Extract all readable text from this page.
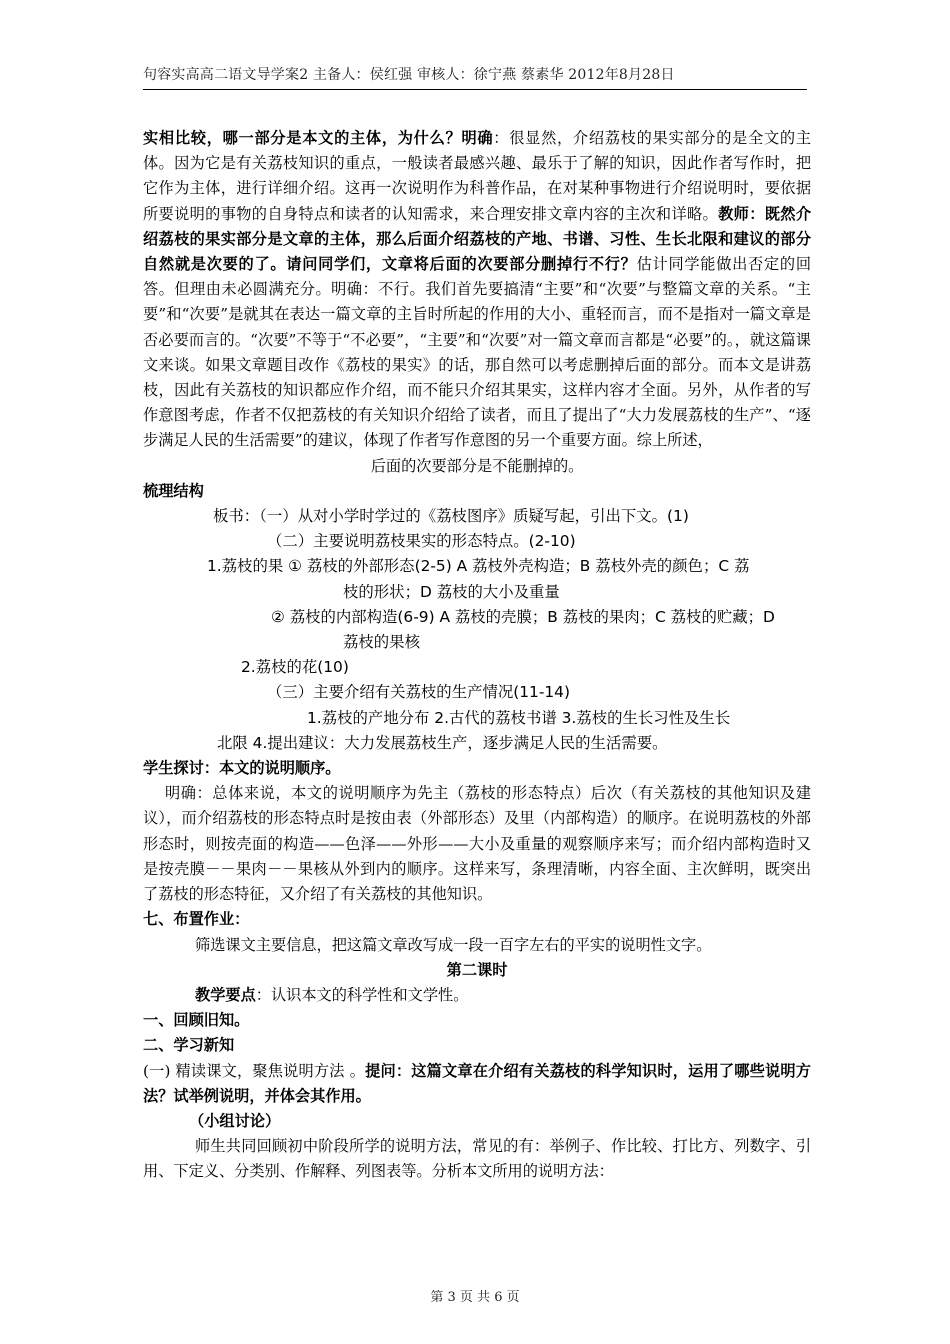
句容实高高二语文导学案2 主备人：侯红强 审核人：徐宁燕 蔡素华 2012年8月28日

实相比较，哪一部分是本文的主体，为什么？明确：很显然，介绍荔枝的果实部分的是全文的主体。因为它是有关荔枝知识的重点，一般读者最感兴趣、最乐于了解的知识，因此作者写作时，把它作为主体，进行详细介绍。这再一次说明作为科普作品，在对某种事物进行介绍说明时，要依据所要说明的事物的自身特点和读者的认知需求，来合理安排文章内容的主次和详略。教师：既然介绍荔枝的果实部分是文章的主体，那么后面介绍荔枝的产地、书谱、习性、生长北限和建议的部分自然就是次要的了。请问同学们，文章将后面的次要部分删掉行不行？估计同学能做出否定的回答。但理由未必圆满充分。明确：不行。我们首先要搞清“主要”和“次要”与整篇文章的关系。“主要”和“次要”是就其在表达一篇文章的主旨时所起的作用的大小、重轻而言，而不是指对一篇文章是否必要而言的。“次要”不等于“不必要”，“主要”和“次要”对一篇文章而言都是“必要”的。，就这篇课文来谈。如果文章题目改作《荔枝的果实》的话，那自然可以考虑删掉后面的部分。而本文是讲荔枝，因此有关荔枝的知识都应作介绍，而不能只介绍其果实，这样内容才全面。另外，从作者的写作意图考虑，作者不仅把荔枝的有关知识介绍给了读者，而且了提出了“大力发展荔枝的生产”、“逐步满足人民的生活需要”的建议，体现了作者写作意图的另一个重要方面。综上所述，

后面的次要部分是不能删掉的。

梳理结构

板书：（一）从对小学时学过的《荔枝图序》质疑写起，引出下文。(1)

（二）主要说明荔枝果实的形态特点。(2-10)

1.荔枝的果 ① 荔枝的外部形态(2-5) A 荔枝外壳构造；B 荔枝外壳的颜色；C 荔

枝的形状；D 荔枝的大小及重量

② 荔枝的内部构造(6-9) A 荔枝的壳膜；B 荔枝的果肉；C 荔枝的贮藏；D

荔枝的果核

2.荔枝的花(10)

（三）主要介绍有关荔枝的生产情况(11-14)

1.荔枝的产地分布 2.古代的荔枝书谱 3.荔枝的生长习性及生长

北限 4.提出建议：大力发展荔枝生产，逐步满足人民的生活需要。

学生探讨：本文的说明顺序。

明确：总体来说，本文的说明顺序为先主（荔枝的形态特点）后次（有关荔枝的其他知识及建议），而介绍荔枝的形态特点时是按由表（外部形态）及里（内部构造）的顺序。在说明荔枝的外部形态时，则按壳面的构造——色泽——外形——大小及重量的观察顺序来写；而介绍内部构造时又是按壳膜－－果肉－－果核从外到内的顺序。这样来写，条理清晰，内容全面、主次鲜明，既突出了荔枝的形态特征，又介绍了有关荔枝的其他知识。

七、布置作业：

筛选课文主要信息，把这篇文章改写成一段一百字左右的平实的说明性文字。

第二课时

教学要点：认识本文的科学性和文学性。

一、回顾旧知。

二、学习新知

(一) 精读课文，聚焦说明方法 。提问：这篇文章在介绍有关荔枝的科学知识时，运用了哪些说明方法？试举例说明，并体会其作用。

（小组讨论）

师生共同回顾初中阶段所学的说明方法，常见的有：举例子、作比较、打比方、列数字、引用、下定义、分类别、作解释、列图表等。分析本文所用的说明方法：

第 3 页 共 6 页
